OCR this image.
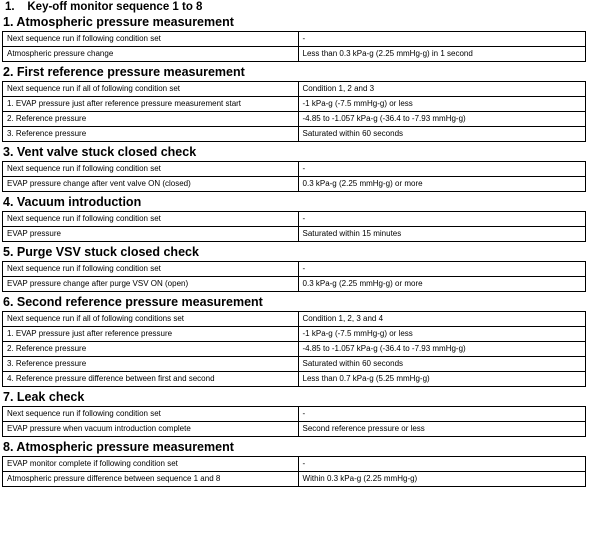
1.    Key-off monitor sequence 1 to 8
1. Atmospheric pressure measurement
Next sequence run if following condition set	-
Atmospheric pressure change	Less than 0.3 kPa-g (2.25 mmHg-g) in 1 second
2. First reference pressure measurement
Next sequence run if all of following condition set	Condition 1, 2 and 3
1. EVAP pressure just after reference pressure measurement start	-1 kPa-g (-7.5 mmHg-g) or less
2. Reference pressure	-4.85 to -1.057 kPa-g (-36.4 to -7.93 mmHg-g)
3. Reference pressure	Saturated within 60 seconds
3. Vent valve stuck closed check
Next sequence run if following condition set	-
EVAP pressure change after vent valve ON (closed)	0.3 kPa-g (2.25 mmHg-g) or more
4. Vacuum introduction
Next sequence run if following condition set	-
EVAP pressure	Saturated within 15 minutes
5. Purge VSV stuck closed check
Next sequence run if following condition set	-
EVAP pressure change after purge VSV ON (open)	0.3 kPa-g (2.25 mmHg-g) or more
6. Second reference pressure measurement
Next sequence run if all of following conditions set	Condition 1, 2, 3 and 4
1. EVAP pressure just after reference pressure	-1 kPa-g (-7.5 mmHg-g) or less
2. Reference pressure	-4.85 to -1.057 kPa-g (-36.4 to -7.93 mmHg-g)
3. Reference pressure	Saturated within 60 seconds
4. Reference pressure difference between first and second	Less than 0.7 kPa-g (5.25 mmHg-g)
7. Leak check
Next sequence run if following condition set	-
EVAP pressure when vacuum introduction complete	Second reference pressure or less
8. Atmospheric pressure measurement
EVAP monitor complete if following condition set	-
Atmospheric pressure difference between sequence 1 and 8	Within 0.3 kPa-g (2.25 mmHg-g)
